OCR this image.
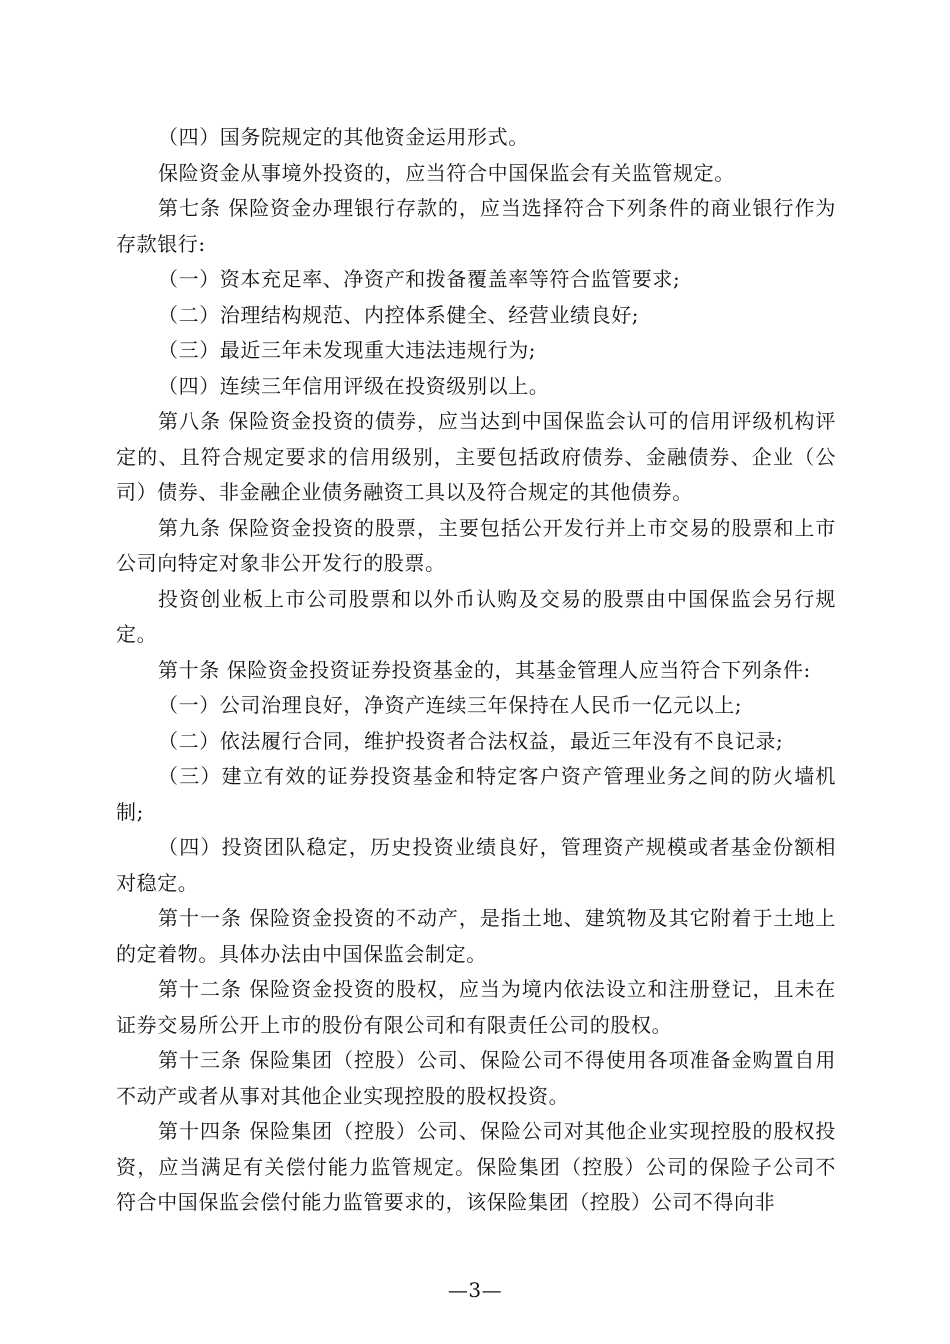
（四）国务院规定的其他资金运用形式。

保险资金从事境外投资的，应当符合中国保监会有关监管规定。

第七条 保险资金办理银行存款的，应当选择符合下列条件的商业银行作为存款银行:

（一）资本充足率、净资产和拨备覆盖率等符合监管要求;

（二）治理结构规范、内控体系健全、经营业绩良好;

（三）最近三年未发现重大违法违规行为;

（四）连续三年信用评级在投资级别以上。

第八条 保险资金投资的债券，应当达到中国保监会认可的信用评级机构评定的、且符合规定要求的信用级别，主要包括政府债券、金融债券、企业（公司）债券、非金融企业债务融资工具以及符合规定的其他债券。

第九条 保险资金投资的股票，主要包括公开发行并上市交易的股票和上市公司向特定对象非公开发行的股票。

投资创业板上市公司股票和以外币认购及交易的股票由中国保监会另行规定。

第十条 保险资金投资证券投资基金的，其基金管理人应当符合下列条件:

（一）公司治理良好，净资产连续三年保持在人民币一亿元以上;

（二）依法履行合同，维护投资者合法权益，最近三年没有不良记录;

（三）建立有效的证券投资基金和特定客户资产管理业务之间的防火墙机制;

（四）投资团队稳定，历史投资业绩良好，管理资产规模或者基金份额相对稳定。

第十一条 保险资金投资的不动产，是指土地、建筑物及其它附着于土地上的定着物。具体办法由中国保监会制定。

第十二条 保险资金投资的股权，应当为境内依法设立和注册登记，且未在证券交易所公开上市的股份有限公司和有限责任公司的股权。

第十三条 保险集团（控股）公司、保险公司不得使用各项准备金购置自用不动产或者从事对其他企业实现控股的股权投资。

第十四条 保险集团（控股）公司、保险公司对其他企业实现控股的股权投资，应当满足有关偿付能力监管规定。保险集团（控股）公司的保险子公司不符合中国保监会偿付能力监管要求的，该保险集团（控股）公司不得向非

—3—
